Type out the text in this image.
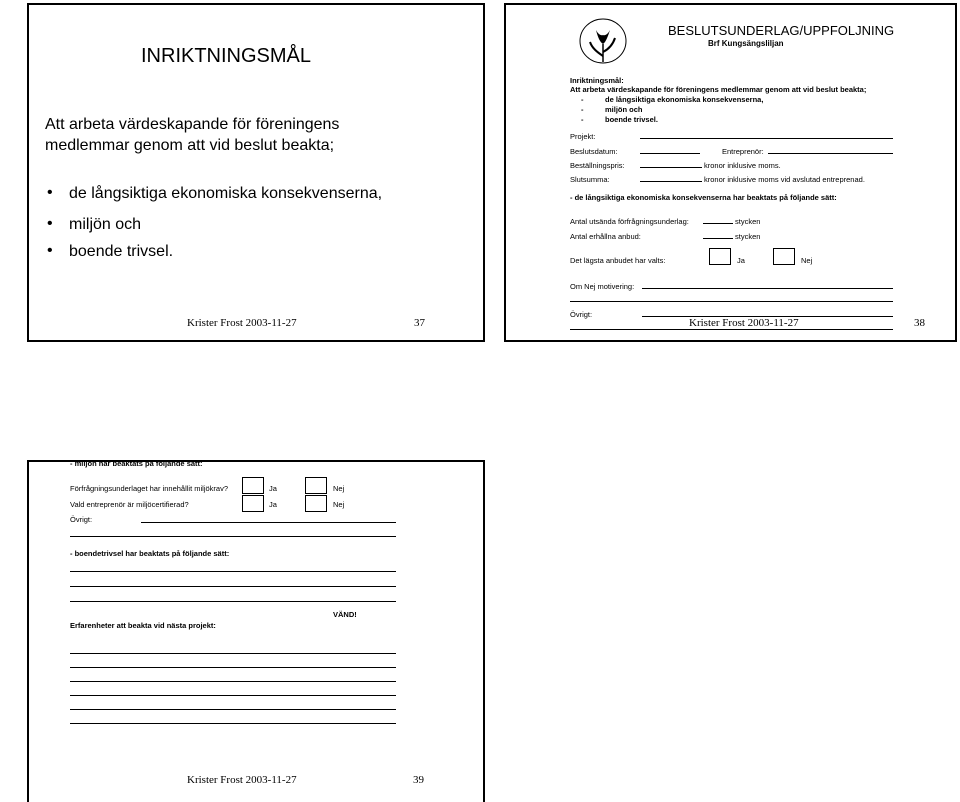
INRIKTNINGSMÅL
Att arbeta värdeskapande för föreningens medlemmar genom att vid beslut beakta;
• de långsiktiga ekonomiska konsekvenserna,
• miljön och
• boende trivsel.
Krister Frost 2003-11-27	37
BESLUTSUNDERLAG/UPPFOLJNING
Brf Kungsängsliljan
Inriktningsmål:
Att arbeta värdeskapande för föreningens medlemmar genom att vid beslut beakta;
-	de långsiktiga ekonomiska konsekvenserna,
-	miljön och
-	boende trivsel.
Projekt:
Beslutsdatum:	Entreprenör:
Beställningspris:	kronor inklusive moms.
Slutsumma:	kronor inklusive moms vid avslutad entreprenad.
- de långsiktiga ekonomiska konsekvenserna har beaktats på följande sätt:
Antal utsända förfrågningsunderlag:	stycken
Antal erhållna anbud:	stycken
Det lägsta anbudet har valts:	Ja	Nej
Om Nej motivering:
Övrigt:
Krister Frost 2003-11-27	38
- miljön har beaktats på följande sätt:
Förfrågningsunderlaget har innehållit miljökrav?	Ja	Nej
Vald entreprenör är miljöcertifierad?	Ja	Nej
Övrigt:
- boendetrivsel har beaktats på följande sätt:
VÄND!
Erfarenheter att beakta vid nästa projekt:
Krister Frost 2003-11-27	39
